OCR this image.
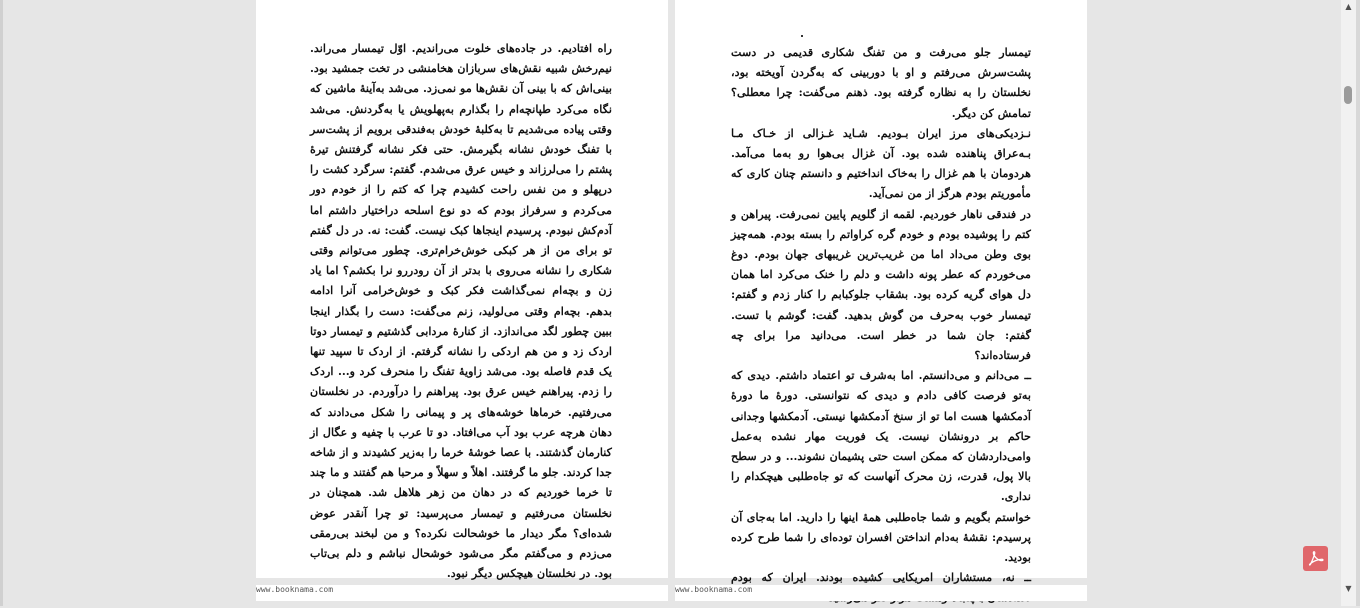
راه افتادیم. در جاده‌های خلوت می‌راندیم. اوّل تیمسار می‌راند. نیم‌رخش شبیه نقش‌های سربازان هخامنشی در تخت جمشید بود. بینی‌اش که با بینی آن نقش‌ها مو نمی‌زد. می‌شد به‌آینهٔ ماشین که نگاه می‌کرد طپانچه‌ام را بگذارم به‌پهلویش یا به‌گردنش. می‌شد وقتی پیاده می‌شدیم تا به‌کلبهٔ خودش به‌فندقی برویم از پشت‌سر با تفنگ خودش نشانه بگیرمش. حتی فکر نشانه گرفتنش تیرهٔ پشتم را می‌لرزاند و خیس عرق می‌شدم. گفتم: سرگرد کشت را درپهلو و من نفس راحت کشیدم چرا که کتم را از خودم دور می‌کردم و سرفراز بودم که دو نوع اسلحه دراختیار داشتم اما آدم‌کش نبودم. پرسیدم اینجاها کبک نیست. گفت: نه. در دل گفتم تو برای من از هر کبکی خوش‌خرام‌تری. چطور می‌توانم وقتی شکاری را نشانه می‌روی با بدتر از آن رودررو نرا بکشم؟ اما یاد زن و بچه‌ام نمی‌گذاشت فکر کبک و خوش‌خرامی آنرا ادامه بدهم. بچه‌ام وقتی می‌لولید، زنم می‌گفت: دست را بگذار اینجا ببین چطور لگد می‌اندازد. از کنارهٔ مردابی گذشتیم و تیمسار دوتا اردک زد و من هم اردکی را نشانه گرفتم. از اردک تا سپید تنها یک قدم فاصله بود. می‌شد زاویهٔ تفنگ را منحرف کرد و... اردک را زدم. پیراهنم خیس عرق بود. پیراهنم را درآوردم. در نخلستان می‌رفتیم. خرماها خوشه‌های پر و پیمانی را شکل می‌دادند که دهان هرچه عرب بود آب می‌افتاد. دو تا عرب با چفیه و عگال از کنارمان گذشتند. با عصا خوشهٔ خرما را به‌زیر کشیدند و از شاخه جدا کردند. جلو ما گرفتند. اهلاً و سهلاً و مرحبا هم گفتند و ما چند تا خرما خوردیم که در دهان من زهر هلاهل شد. همچنان در نخلستان می‌رفتیم و تیمسار می‌پرسید: تو چرا آنقدر عوض شده‌ای؟ مگر دیدار ما خوشحالت نکرده؟ و من لبخند بی‌رمقی می‌زدم و می‌گفتم مگر می‌شود خوشحال نباشم و دلم بی‌تاب بود. در نخلستان هیچکس دیگر نبود.

تیمسار جلو می‌رفت و من تفنگ شکاری قدیمی در دست پشت‌سرش می‌رفتم و او با دوربینی که به‌گردن آویخته بود، نخلستان را به نظاره گرفته بود. ذهنم می‌گفت: چرا معطلی؟ تمامش کن دیگر.

نـزدیکی‌های مرز ایران بـودیم. شـاید غـزالی از خـاک مـا بـه‌عراق پناهنده شده بود. آن غزال بی‌هوا رو به‌ما می‌آمد. هردومان با هم غزال را به‌خاک انداختیم و دانستم چنان کاری که مأموریتم بودم هرگز از من نمی‌آید.

در فندقی ناهار خوردیم. لقمه از گلویم پایین نمی‌رفت. پیراهن و کتم را پوشیده بودم و خودم گره کراواتم را بسته بودم. همه‌چیز بوی وطن می‌داد اما من غریب‌ترین غریبهای جهان بودم. دوغ می‌خوردم که عطر پونه داشت و دلم را خنک می‌کرد اما همان دل هوای گریه کرده بود. بشقاب جلوکبابم را کنار زدم و گفتم: تیمسار خوب به‌حرف من گوش بدهید. گفت: گوشم با تست. گفتم: جان شما در خطر است. می‌دانید مرا برای چه فرستاده‌اند؟

ــ می‌دانم و می‌دانستم. اما به‌شرف تو اعتماد داشتم. دیدی که به‌تو فرصت کافی دادم و دیدی که نتوانستی. دورهٔ ما دورهٔ آدمکشها هست اما تو از سنخ آدمکشها نیستی. آدمکشها وجدانی حاکم بر درونشان نیست. یک فوریت مهار نشده به‌عمل وامی‌داردشان که ممکن است حتی پشیمان نشوند... و در سطح بالا پول، قدرت، زن محرک آنهاست که تو جاه‌طلبی هیچکدام را نداری.

خواستم بگویم و شما جاه‌طلبی همهٔ اینها را دارید. اما به‌جای آن پرسیدم: نقشهٔ به‌دام انداختن افسران توده‌ای را شما طرح کرده بودید.

ــ نه، مستشاران امریکایی کشیده بودند. ایران که بودم

www.booknama.com	www.booknama.com
▲
▼
